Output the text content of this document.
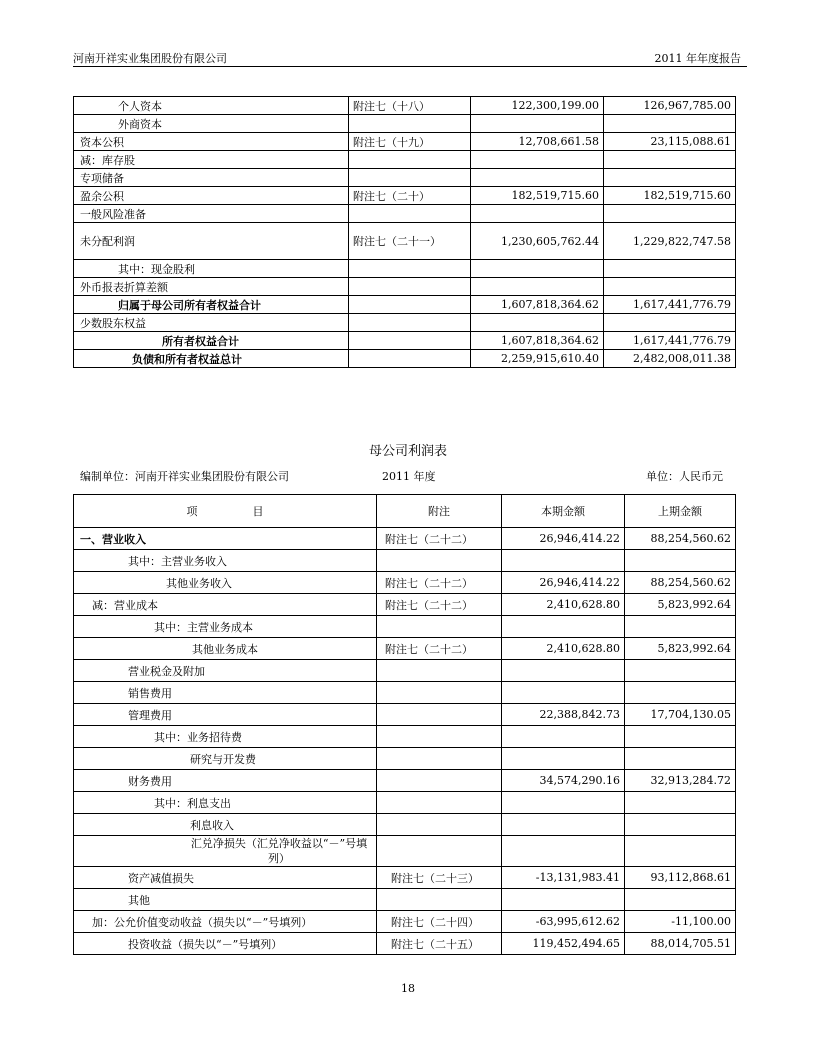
河南开祥实业集团股份有限公司	2011 年年度报告
个人资本	附注七（十八）	122,300,199.00	126,967,785.00
外商资本			
资本公积	附注七（十九）	12,708,661.58	23,115,088.61
减：库存股			
专项储备			
盈余公积	附注七（二十）	182,519,715.60	182,519,715.60
一般风险准备			
未分配利润	附注七（二十一）	1,230,605,762.44	1,229,822,747.58
其中：现金股利			
外币报表折算差额			
归属于母公司所有者权益合计		1,607,818,364.62	1,617,441,776.79
少数股东权益			
所有者权益合计		1,607,818,364.62	1,617,441,776.79
负债和所有者权益总计		2,259,915,610.40	2,482,008,011.38
母公司利润表
编制单位：河南开祥实业集团股份有限公司	2011 年度	单位：人民币元
项　　　　　目	附注	本期金额	上期金额
一、营业收入	附注七（二十二）	26,946,414.22	88,254,560.62
其中：主营业务收入			
其他业务收入	附注七（二十二）	26,946,414.22	88,254,560.62
减：营业成本	附注七（二十二）	2,410,628.80	5,823,992.64
其中：主营业务成本			
其他业务成本	附注七（二十二）	2,410,628.80	5,823,992.64
营业税金及附加			
销售费用			
管理费用		22,388,842.73	17,704,130.05
其中：业务招待费			
研究与开发费			
财务费用		34,574,290.16	32,913,284.72
其中：利息支出			
利息收入			
汇兑净损失（汇兑净收益以“－”号填列）			
资产减值损失	附注七（二十三）	-13,131,983.41	93,112,868.61
其他			
加：公允价值变动收益（损失以“－”号填列）	附注七（二十四）	-63,995,612.62	-11,100.00
投资收益（损失以“－”号填列）	附注七（二十五）	119,452,494.65	88,014,705.51
18
